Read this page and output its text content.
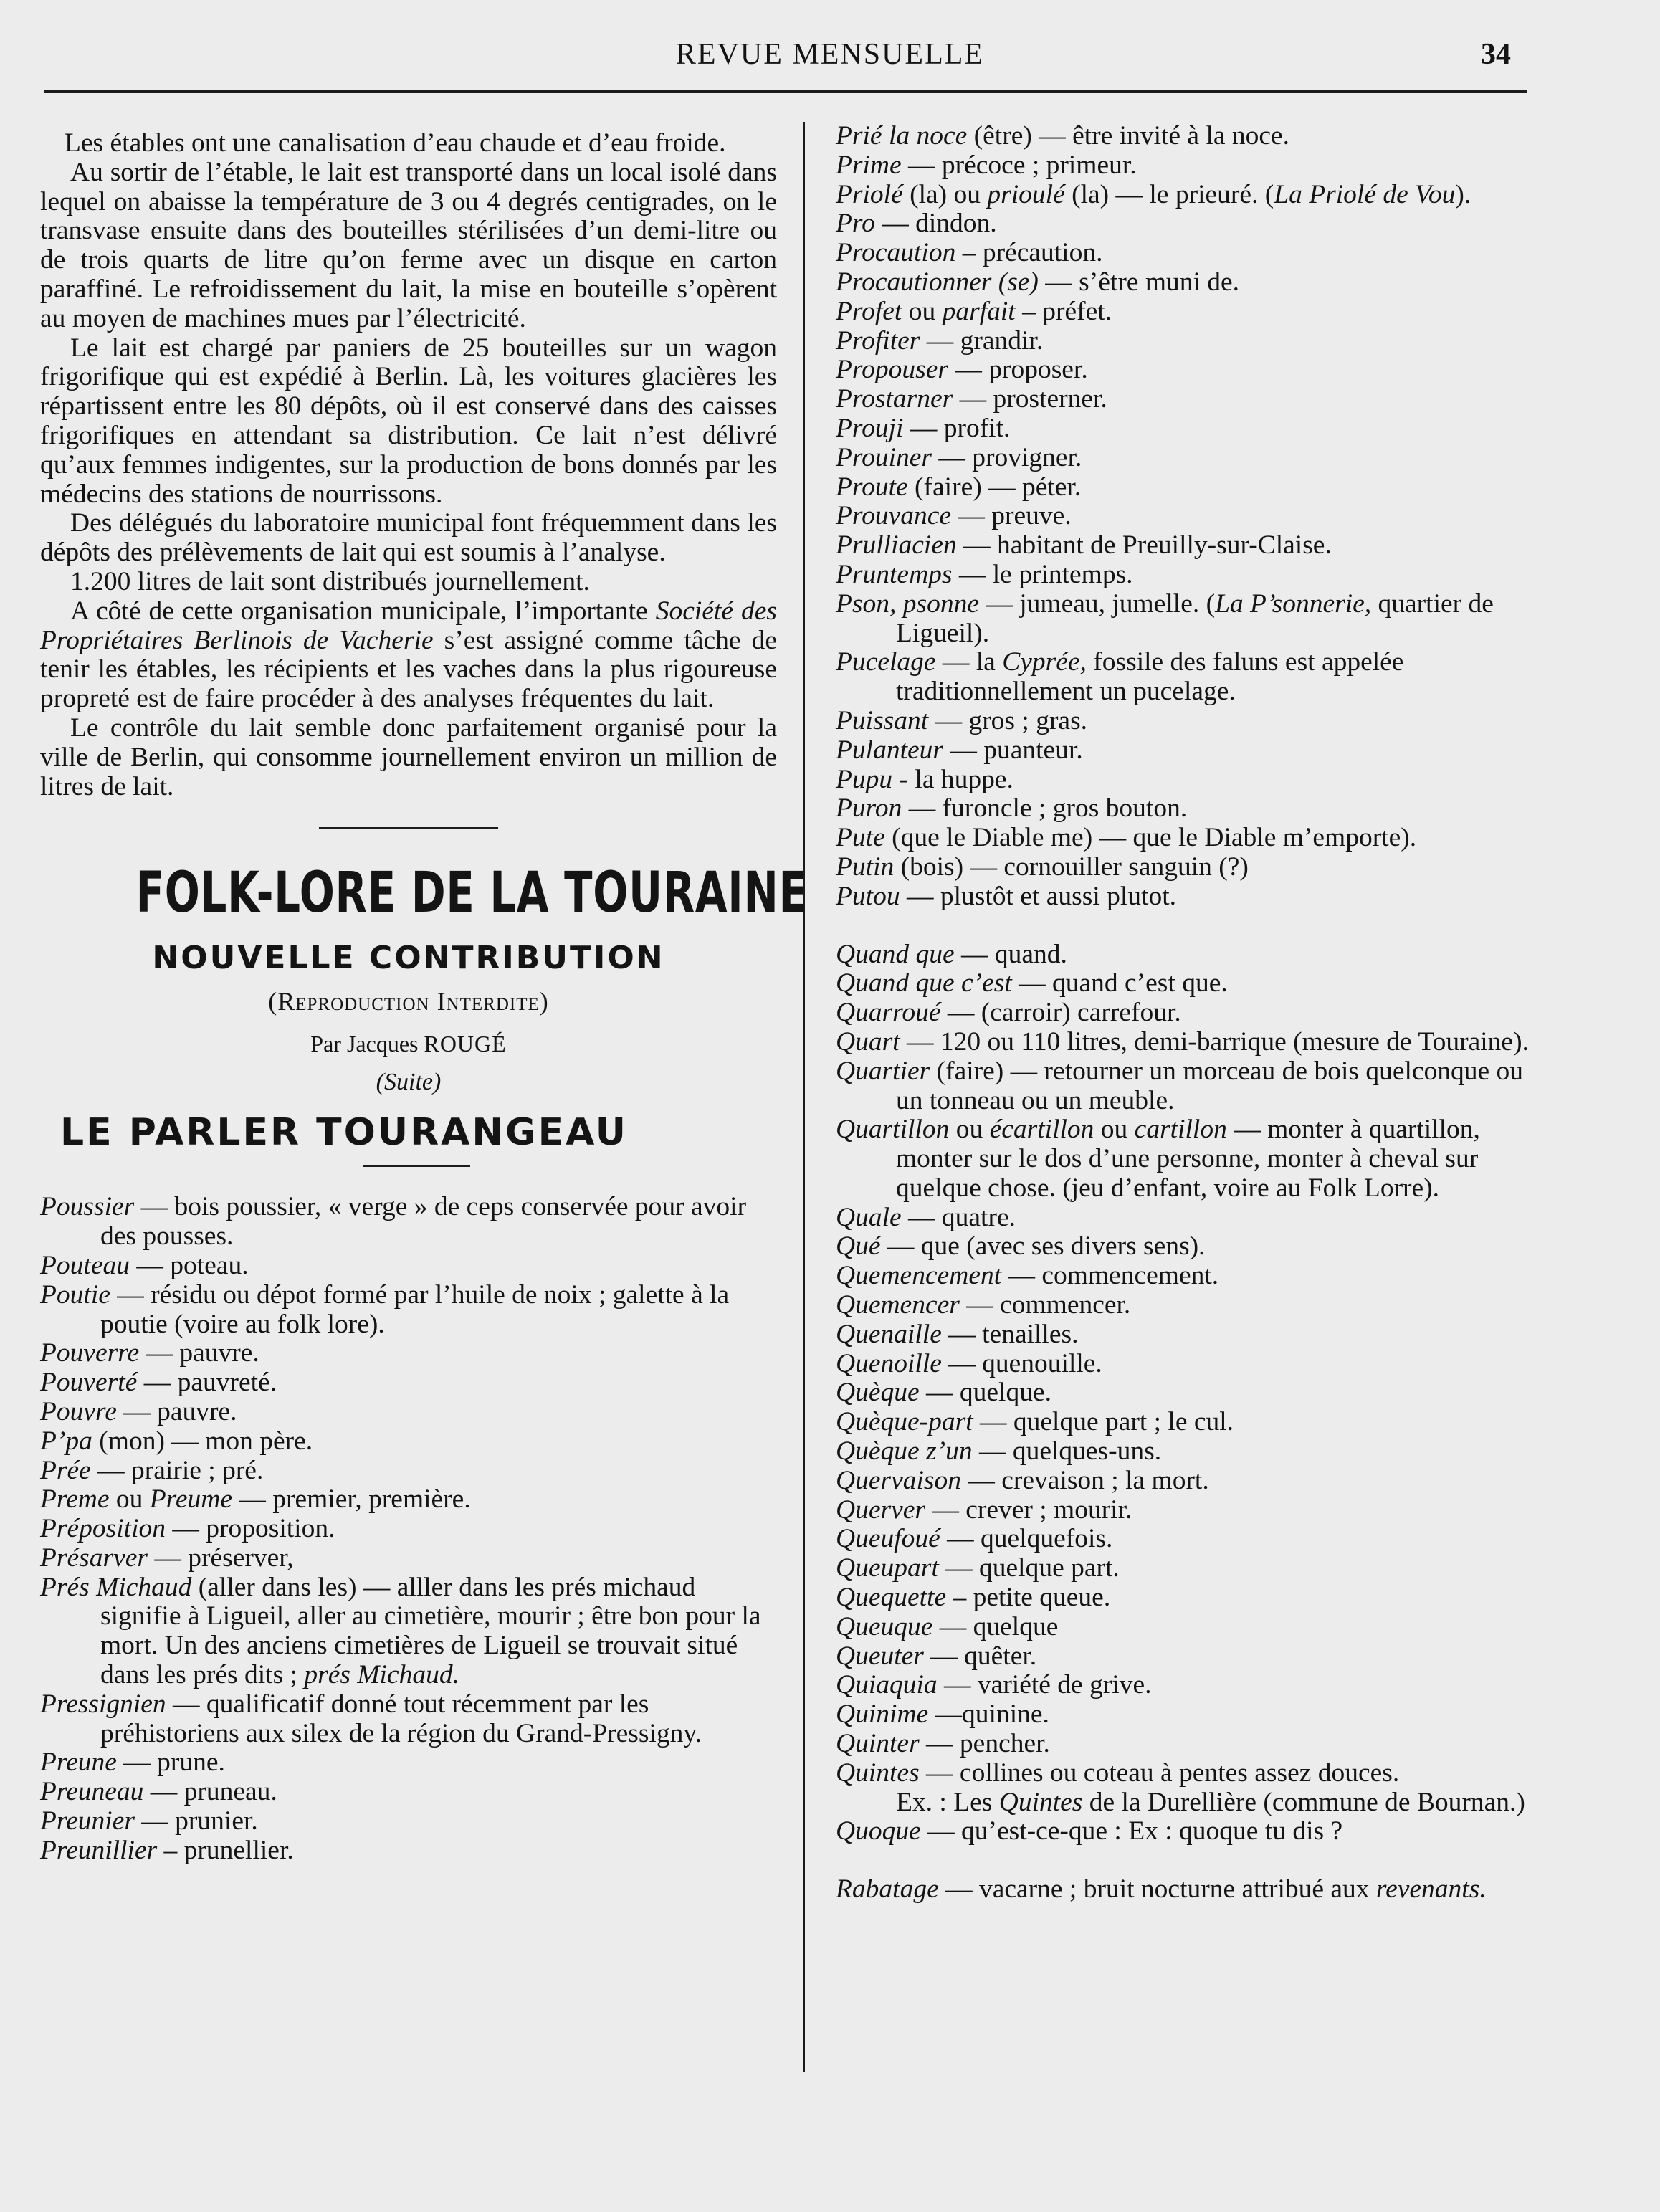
REVUE MENSUELLE	34

Les étables ont une canalisation d’eau chaude et d’eau froide.

Au sortir de l’étable, le lait est transporté dans un local isolé dans lequel on abaisse la température de 3 ou 4 degrés centigrades, on le transvase ensuite dans des bouteilles stérilisées d’un demi-litre ou de trois quarts de litre qu’on ferme avec un disque en carton paraffiné. Le refroidissement du lait, la mise en bouteille s’opèrent au moyen de machines mues par l’électricité.

Le lait est chargé par paniers de 25 bouteilles sur un wagon frigorifique qui est expédié à Berlin. Là, les voitures glacières les répartissent entre les 80 dépôts, où il est conservé dans des caisses frigorifiques en attendant sa distribution. Ce lait n’est délivré qu’aux femmes indigentes, sur la production de bons donnés par les médecins des stations de nourrissons.

Des délégués du laboratoire municipal font fréquemment dans les dépôts des prélèvements de lait qui est soumis à l’analyse.

1.200 litres de lait sont distribués journellement.

A côté de cette organisation municipale, l’importante Société des Propriétaires Berlinois de Vacherie s’est assigné comme tâche de tenir les étables, les récipients et les vaches dans la plus rigoureuse propreté est de faire procéder à des analyses fréquentes du lait.

Le contrôle du lait semble donc parfaitement organisé pour la ville de Berlin, qui consomme journellement environ un million de litres de lait.

FOLK-LORE DE LA TOURAINE
NOUVELLE CONTRIBUTION
(Reproduction Interdite)
Par Jacques ROUGÉ
(Suite)
LE PARLER TOURANGEAU

Poussier — bois poussier, « verge » de ceps conservée pour avoir des pousses.

Pouteau — poteau.

Poutie — résidu ou dépot formé par l’huile de noix ; galette à la poutie (voire au folk lore).

Pouverre — pauvre.

Pouverté — pauvreté.

Pouvre — pauvre.

P’pa (mon) — mon père.

Prée — prairie ; pré.

Preme ou Preume — premier, première.

Préposition — proposition.

Présarver — préserver,

Prés Michaud (aller dans les) — alller dans les prés michaud signifie à Ligueil, aller au cimetière, mourir ; être bon pour la mort. Un des anciens cimetières de Ligueil se trouvait situé dans les prés dits ; prés Michaud.

Pressignien — qualificatif donné tout récemment par les préhistoriens aux silex de la région du Grand-Pressigny.

Preune — prune.

Preuneau — pruneau.

Preunier — prunier.

Preunillier – prunellier.

Prié la noce (être) — être invité à la noce.

Prime — précoce ; primeur.

Priolé (la) ou prioulé (la) — le prieuré. (La Priolé de Vou).

Pro — dindon.

Procaution – précaution.

Procautionner (se) — s’être muni de.

Profet ou parfait – préfet.

Profiter — grandir.

Propouser — proposer.

Prostarner — prosterner.

Prouji — profit.

Prouiner — provigner.

Proute (faire) — péter.

Prouvance — preuve.

Prulliacien — habitant de Preuilly-sur-Claise.

Pruntemps — le printemps.

Pson, psonne — jumeau, jumelle. (La P’sonnerie, quartier de Ligueil).

Pucelage — la Cyprée, fossile des faluns est appelée traditionnellement un pucelage.

Puissant — gros ; gras.

Pulanteur — puanteur.

Pupu - la huppe.

Puron — furoncle ; gros bouton.

Pute (que le Diable me) — que le Diable m’emporte).

Putin (bois) — cornouiller sanguin (?)

Putou — plustôt et aussi plutot.

Quand que — quand.

Quand que c’est — quand c’est que.

Quarroué — (carroir) carrefour.

Quart — 120 ou 110 litres, demi-barrique (mesure de Touraine).

Quartier (faire) — retourner un morceau de bois quelconque ou un tonneau ou un meuble.

Quartillon ou écartillon ou cartillon — monter à quartillon, monter sur le dos d’une personne, monter à cheval sur quelque chose. (jeu d’enfant, voire au Folk Lorre).

Quale — quatre.

Qué — que (avec ses divers sens).

Quemencement — commencement.

Quemencer — commencer.

Quenaille — tenailles.

Quenoille — quenouille.

Quèque — quelque.

Quèque-part — quelque part ; le cul.

Quèque z’un — quelques-uns.

Quervaison — crevaison ; la mort.

Querver — crever ; mourir.

Queufoué — quelquefois.

Queupart — quelque part.

Quequette – petite queue.

Queuque — quelque

Queuter — quêter.

Quiaquia — variété de grive.

Quinime —quinine.

Quinter — pencher.

Quintes — collines ou coteau à pentes assez douces.

Ex. : Les Quintes de la Durellière (commune de Bournan.)

Quoque — qu’est-ce-que : Ex : quoque tu dis ?

Rabatage — vacarne ; bruit nocturne attribué aux revenants.
